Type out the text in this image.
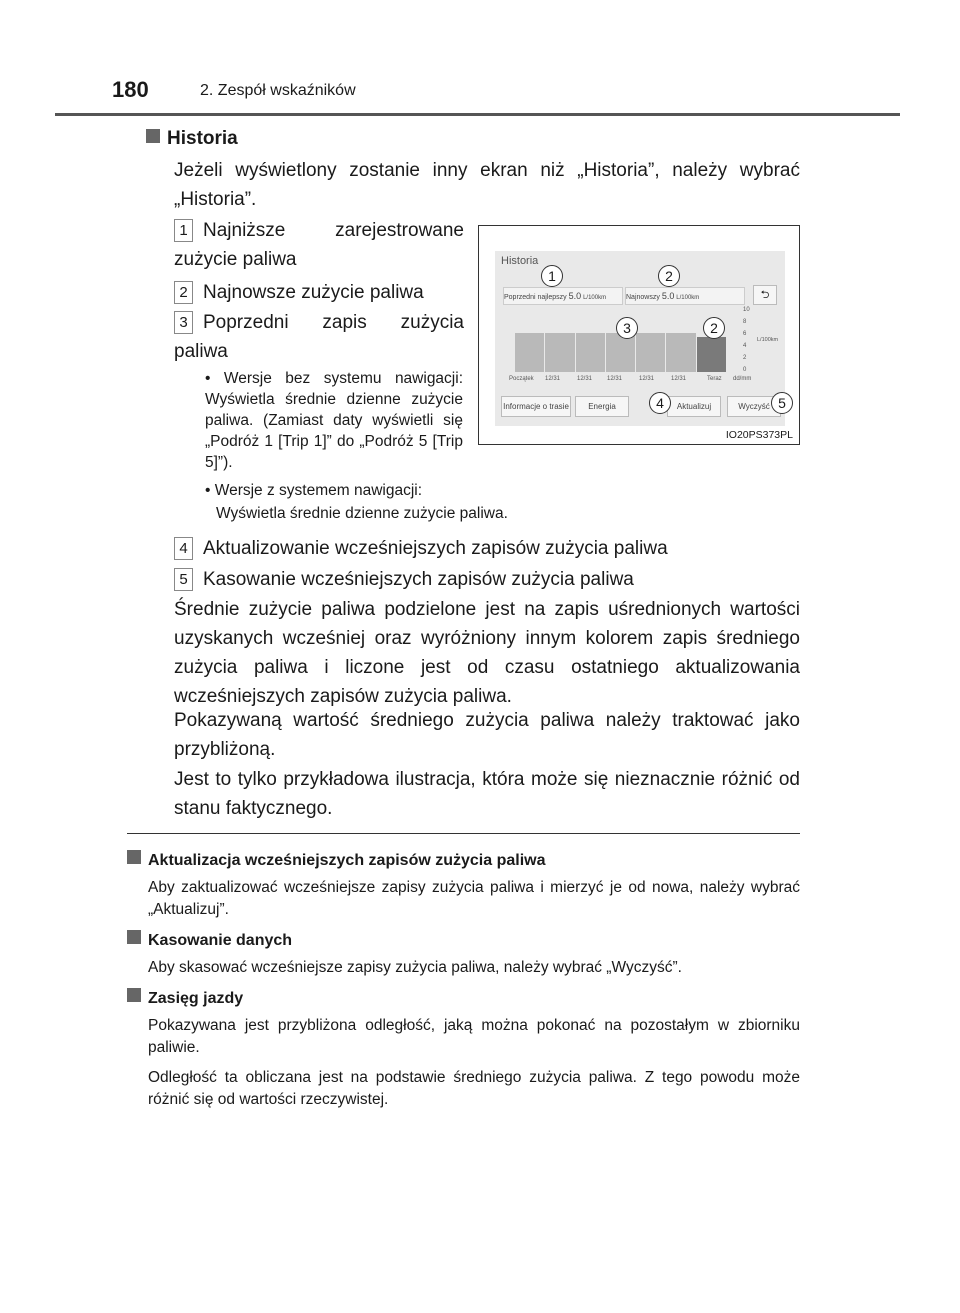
180	2. Zespół wskaźników
Historia
Jeżeli wyświetlony zostanie inny ekran niż „Historia”, należy wybrać „Historia”.
1 Najniższe zarejestrowane zużycie paliwa
2 Najnowsze zużycie paliwa
3 Poprzedni zapis zużycia paliwa
• Wersje bez systemu nawigacji: Wyświetla średnie dzienne zużycie paliwa. (Zamiast daty wyświetli się „Podróż 1 [Trip 1]” do „Podróż 5 [Trip 5]”).
• Wersje z systemem nawigacji:
Wyświetla średnie dzienne zużycie paliwa.
Historia
Poprzedni najlepszy 5.0 L/100km	Najnowszy 5.0 L/100km	⮌
10
8
6
4
2
0
L/100km
Początek 12/31	12/31 12/31	12/31	12/31	Teraz dd/mm
Informacje o trasie	Energia	Aktualizuj	Wyczyść
1	2
3	2
4	5
IO20PS373PL
4 Aktualizowanie wcześniejszych zapisów zużycia paliwa
5 Kasowanie wcześniejszych zapisów zużycia paliwa
Średnie zużycie paliwa podzielone jest na zapis uśrednionych wartości uzyskanych wcześniej oraz wyróżniony innym kolorem zapis średniego zużycia paliwa i liczone jest od czasu ostatniego aktualizowania wcześniejszych zapisów zużycia paliwa.
Pokazywaną wartość średniego zużycia paliwa należy traktować jako przybliżoną.
Jest to tylko przykładowa ilustracja, która może się nieznacznie różnić od stanu faktycznego.
Aktualizacja wcześniejszych zapisów zużycia paliwa
Aby zaktualizować wcześniejsze zapisy zużycia paliwa i mierzyć je od nowa, należy wybrać „Aktualizuj”.
Kasowanie danych
Aby skasować wcześniejsze zapisy zużycia paliwa, należy wybrać „Wyczyść”.
Zasięg jazdy
Pokazywana jest przybliżona odległość, jaką można pokonać na pozostałym w zbiorniku paliwie.
Odległość ta obliczana jest na podstawie średniego zużycia paliwa. Z tego powodu może różnić się od wartości rzeczywistej.
